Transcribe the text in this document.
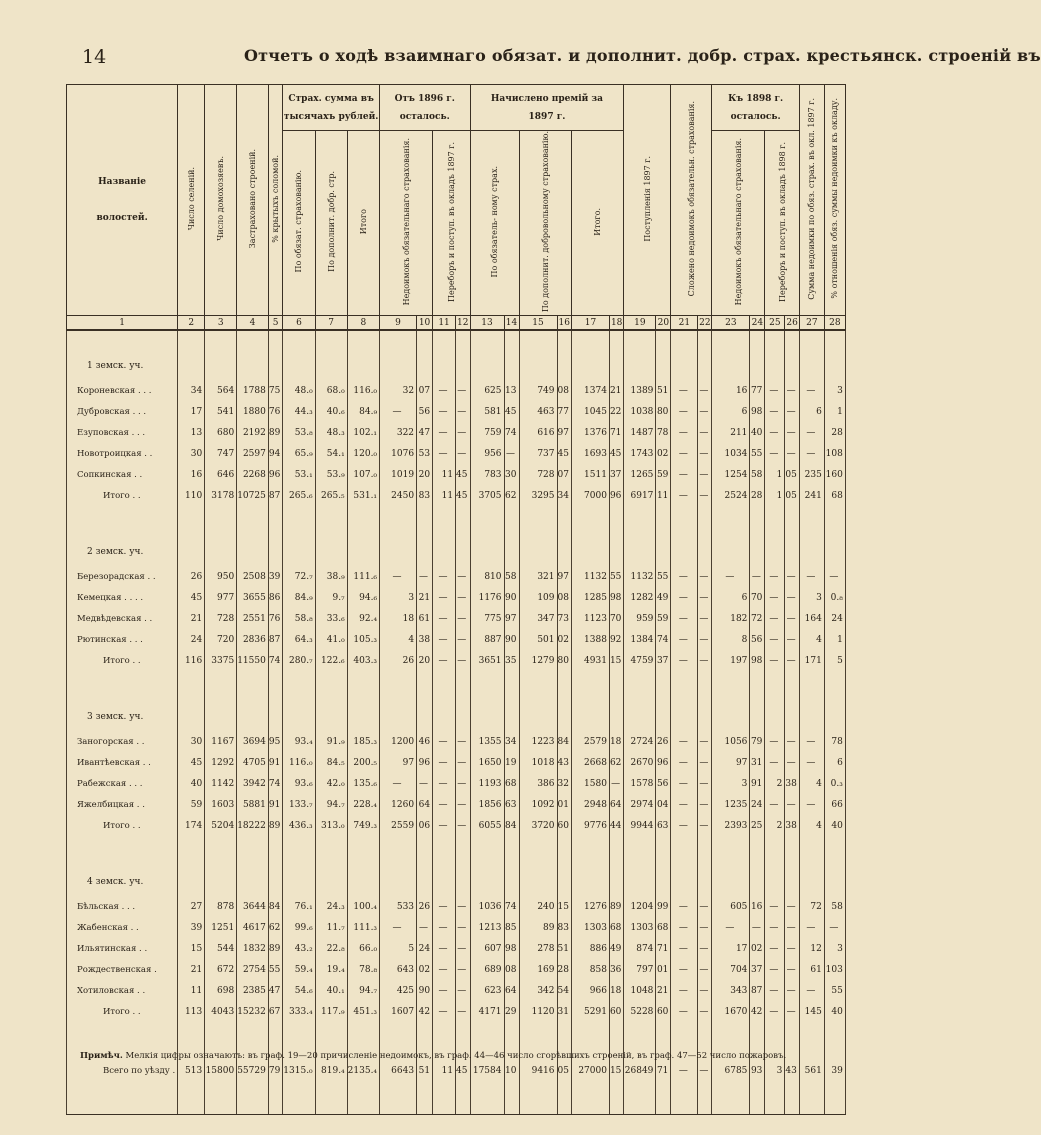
14	Отчетъ о ходѣ взаимнаго обязат. и дополнит. добр. страх. крестьянск. строеній въ
Названіе волостей.	Число селеній.	Число домохозяевъ.	Застраховано строеній.	% крытыхъ соломой.	Страх. сумма въ тысячахъ рублей.			Отъ 1896 г. осталось.				Начислено премій за 1897 г.						Поступленія 1897 г.		Сложено недоимокъ обязательн. страхованія.		Къ 1898 г. осталось.				Сумма недоимки по обяз. страх. въ окл. 1897 г.	% отношенія обяз. суммы недоимки къ окладу.
					По обязат. страхованію.	По дополнит. добр. стр.	Итого	Недоимокъ обязательнаго страхованія.		Переборъ и поступ. въ окладъ 1897 г.		По обязатель- ному страх.		По дополнит. добровольному страхованію.		Итого.						Недоимокъ обязательнаго страхованія.		Переборъ и поступ. въ окладъ 1898 г.			
1	2	3	4	5	6	7	8	9	10	11	12	13	14	15	16	17	18	19	20	21	22	23	24	25	26	27	28

1 земск. уч.																											
Короневская . . .	34	564	1788	75	48.₀	68.₀	116.₀	32	07	—	—	625	13	749	08	1374	21	1389	51	—	—	16	77	—	—	—	3
Дубровская . . .	17	541	1880	76	44.₃	40.₆	84.₉	—	56	—	—	581	45	463	77	1045	22	1038	80	—	—	6	98	—	—	6	1
Езуповская . . .	13	680	2192	89	53.₈	48.₃	102.₁	322	47	—	—	759	74	616	97	1376	71	1487	78	—	—	211	40	—	—	—	28
Новотроицкая . .	30	747	2597	94	65.₉	54.₁	120.₀	1076	53	—	—	956	—	737	45	1693	45	1743	02	—	—	1034	55	—	—	—	108
Сопкинская . .	16	646	2268	96	53.₁	53.₉	107.₀	1019	20	11	45	783	30	728	07	1511	37	1265	59	—	—	1254	58	1	05	235	160
Итого . .	110	3178	10725	87	265.₆	265.₅	531.₁	2450	83	11	45	3705	62	3295	34	7000	96	6917	11	—	—	2524	28	1	05	241	68

2 земск. уч.																											
Березорадская . .	26	950	2508	39	72.₇	38.₉	111.₆	—	—	—	—	810	58	321	97	1132	55	1132	55	—	—	—	—	—	—	—	—
Кемецкая . . . .	45	977	3655	86	84.₉	9.₇	94.₆	3	21	—	—	1176	90	109	08	1285	98	1282	49	—	—	6	70	—	—	3	0.₈
Медвѣдевская . .	21	728	2551	76	58.₈	33.₆	92.₄	18	61	—	—	775	97	347	73	1123	70	959	59	—	—	182	72	—	—	164	24
Рютинская . . .	24	720	2836	87	64.₃	41.₀	105.₃	4	38	—	—	887	90	501	02	1388	92	1384	74	—	—	8	56	—	—	4	1
Итого . .	116	3375	11550	74	280.₇	122.₆	403.₃	26	20	—	—	3651	35	1279	80	4931	15	4759	37	—	—	197	98	—	—	171	5

3 земск. уч.																											
Заногорская . .	30	1167	3694	95	93.₄	91.₉	185.₃	1200	46	—	—	1355	34	1223	84	2579	18	2724	26	—	—	1056	79	—	—	—	78
Ивантѣевская . .	45	1292	4705	91	116.₀	84.₅	200.₅	97	96	—	—	1650	19	1018	43	2668	62	2670	96	—	—	97	31	—	—	—	6
Рабежская . . .	40	1142	3942	74	93.₆	42.₀	135.₆	—	—	—	—	1193	68	386	32	1580	—	1578	56	—	—	3	91	2	38	4	0.₃
Яжелбицкая . .	59	1603	5881	91	133.₇	94.₇	228.₄	1260	64	—	—	1856	63	1092	01	2948	64	2974	04	—	—	1235	24	—	—	—	66
Итого . .	174	5204	18222	89	436.₃	313.₀	749.₃	2559	06	—	—	6055	84	3720	60	9776	44	9944	63	—	—	2393	25	2	38	4	40

4 земск. уч.																											
Бѣльская . . .	27	878	3644	84	76.₁	24.₃	100.₄	533	26	—	—	1036	74	240	15	1276	89	1204	99	—	—	605	16	—	—	72	58
Жабенская . .	39	1251	4617	62	99.₆	11.₇	111.₃	—	—	—	—	1213	85	89	83	1303	68	1303	68	—	—	—	—	—	—	—	—
Ильятинская . .	15	544	1832	89	43.₂	22.₈	66.₀	5	24	—	—	607	98	278	51	886	49	874	71	—	—	17	02	—	—	12	3
Рождественская .	21	672	2754	55	59.₄	19.₄	78.₈	643	02	—	—	689	08	169	28	858	36	797	01	—	—	704	37	—	—	61	103
Хотиловская . .	11	698	2385	47	54.₆	40.₁	94.₇	425	90	—	—	623	64	342	54	966	18	1048	21	—	—	343	87	—	—	—	55
Итого . .	113	4043	15232	67	333.₄	117.₉	451.₃	1607	42	—	—	4171	29	1120	31	5291	60	5228	60	—	—	1670	42	—	—	145	40

Всего по уѣзду .	513	15800	55729	79	1315.₀	819.₄	2135.₄	6643	51	11	45	17584	10	9416	05	27000	15	26849	71	—	—	6785	93	3	43	561	39

Примѣч. Мелкія цифры означаютъ: въ граф. 19—20 причисленіе недоимокъ, въ граф. 44—46 число сгорѣвшихъ строеній, въ граф. 47—52 число пожаровъ.
